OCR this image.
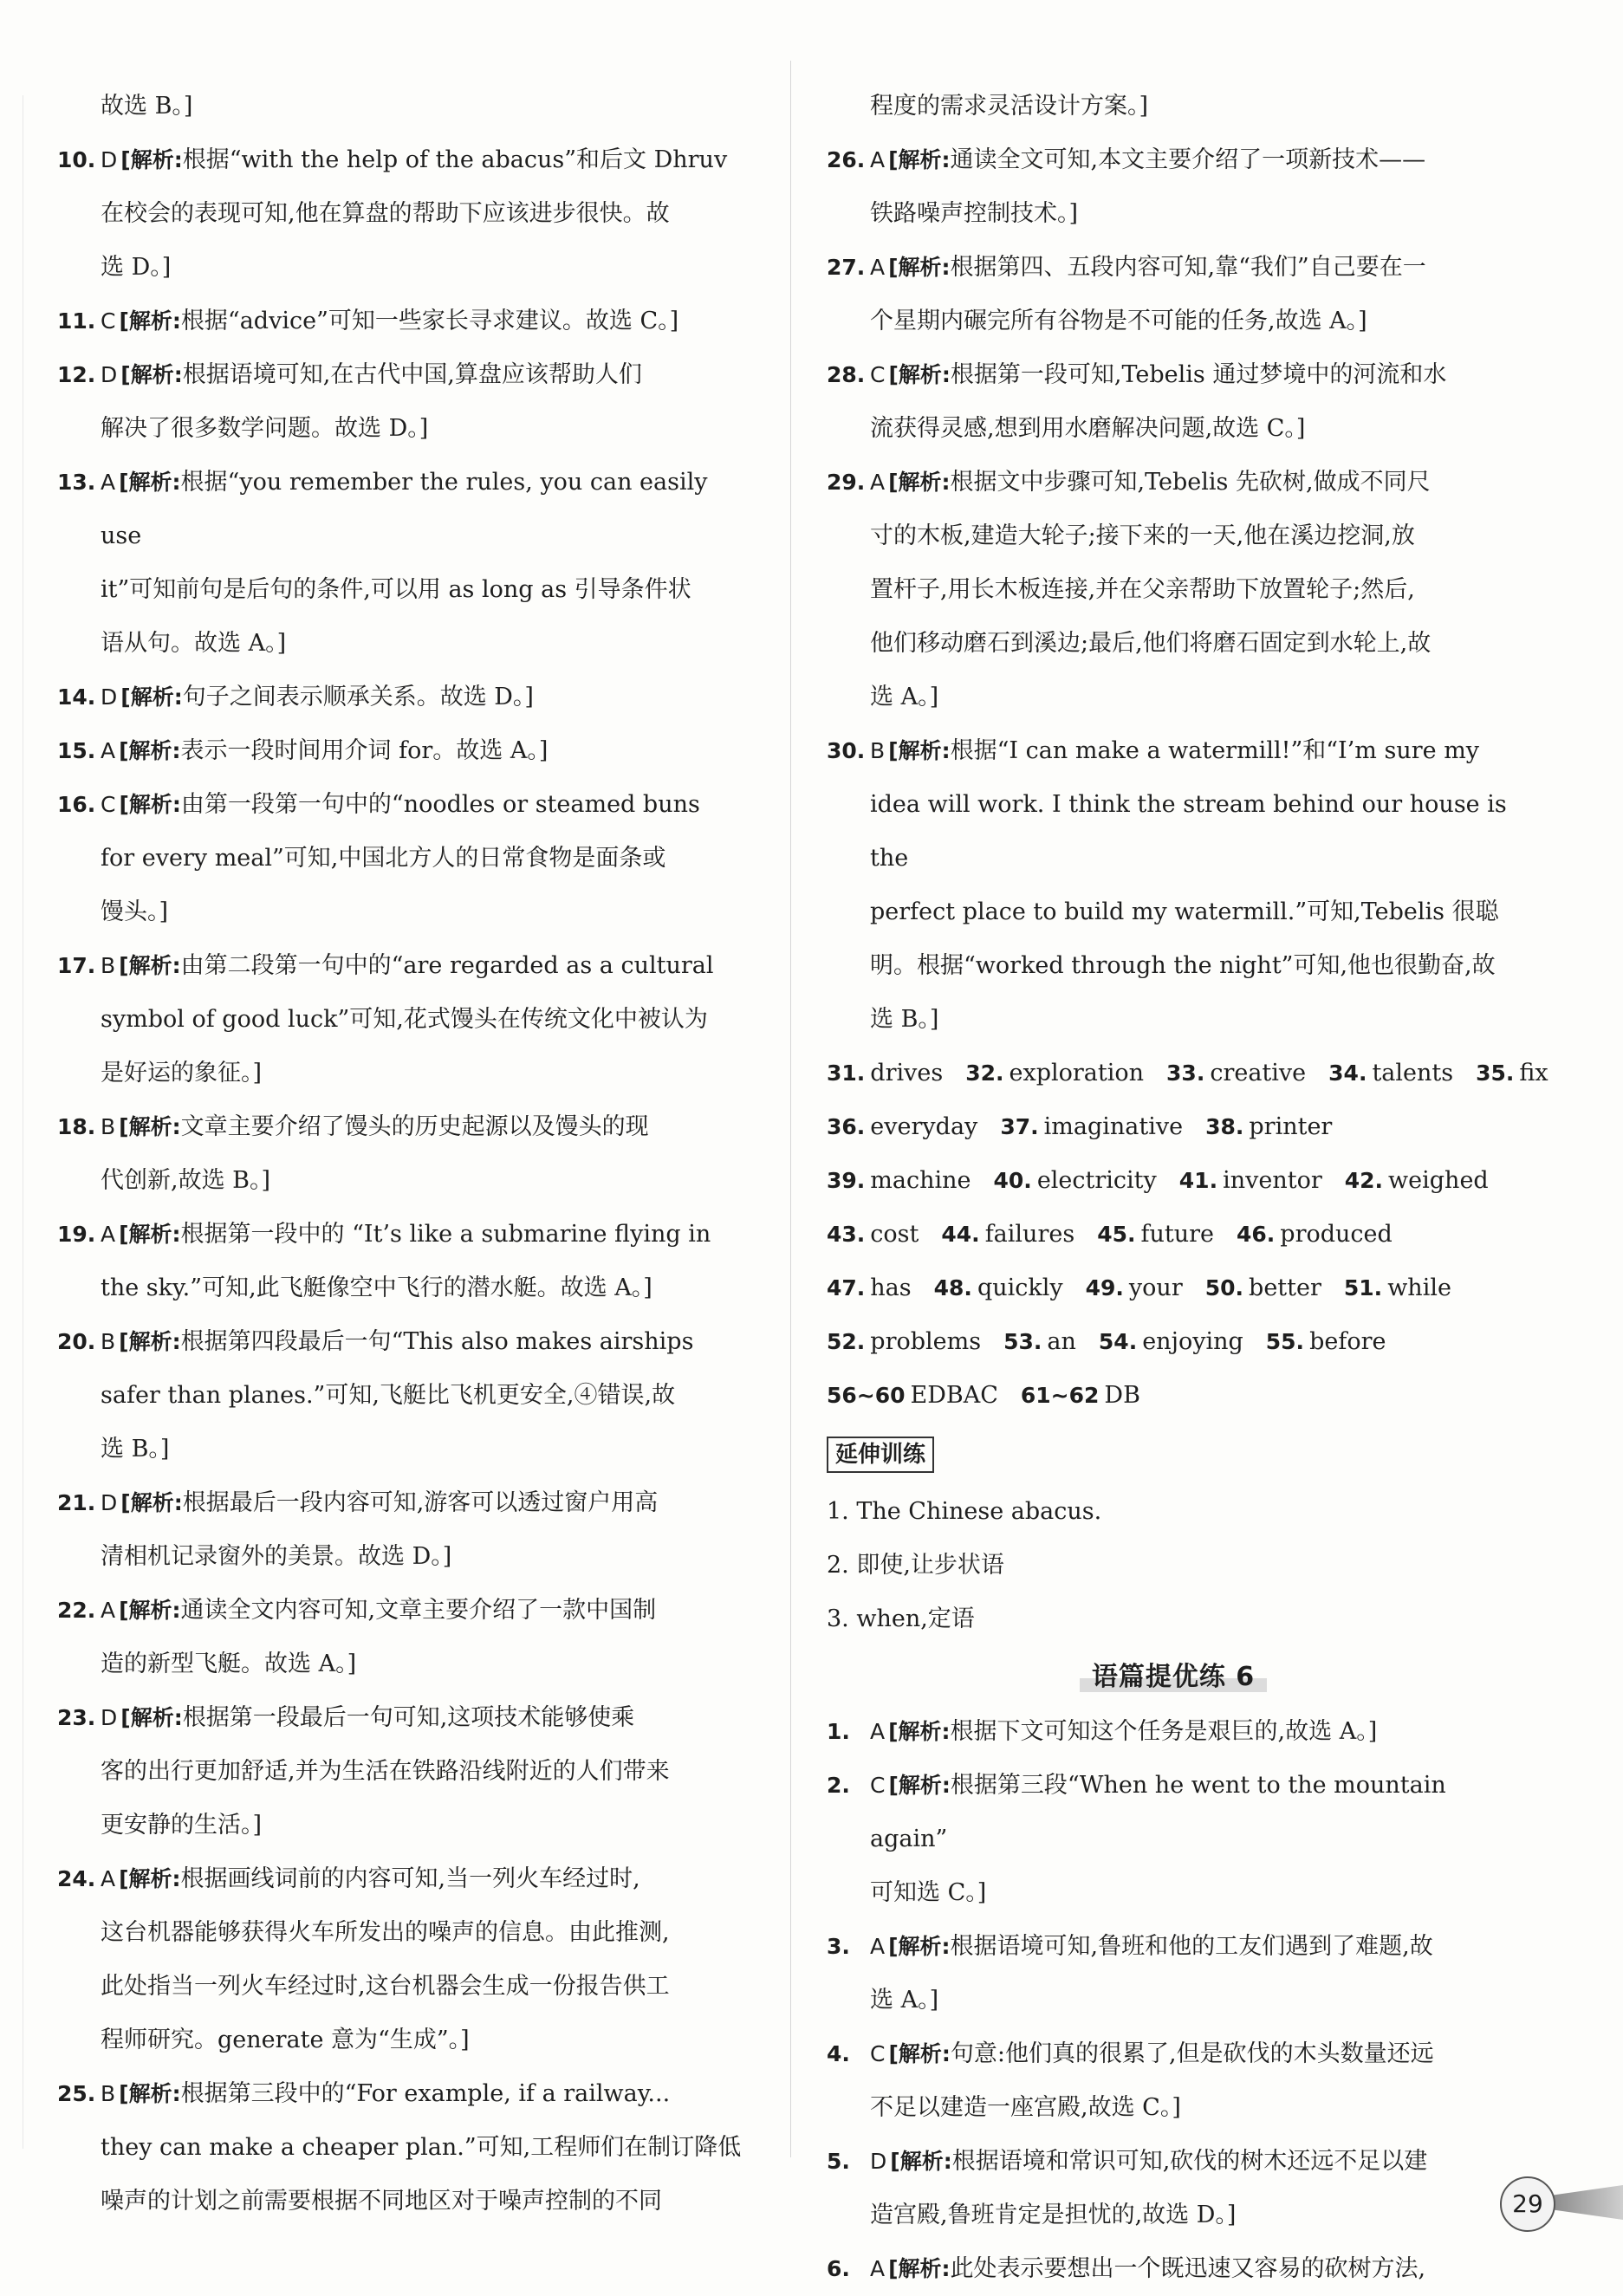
故选 B。]

10. D [解析:根据“with the help of the abacus”和后文 Dhruv
在校会的表现可知,他在算盘的帮助下应该进步很快。故
选 D。]

11. C [解析:根据“advice”可知一些家长寻求建议。故选 C。]

12. D [解析:根据语境可知,在古代中国,算盘应该帮助人们
解决了很多数学问题。故选 D。]

13. A [解析:根据“you remember the rules, you can easily use
it”可知前句是后句的条件,可以用 as long as 引导条件状
语从句。故选 A。]

14. D [解析:句子之间表示顺承关系。故选 D。]

15. A [解析:表示一段时间用介词 for。故选 A。]

16. C [解析:由第一段第一句中的“noodles or steamed buns
for every meal”可知,中国北方人的日常食物是面条或
馒头。]

17. B [解析:由第二段第一句中的“are regarded as a cultural
symbol of good luck”可知,花式馒头在传统文化中被认为
是好运的象征。]

18. B [解析:文章主要介绍了馒头的历史起源以及馒头的现
代创新,故选 B。]

19. A [解析:根据第一段中的 “It’s like a submarine flying in
the sky.”可知,此飞艇像空中飞行的潜水艇。故选 A。]

20. B [解析:根据第四段最后一句“This also makes airships
safer than planes.”可知,飞艇比飞机更安全,④错误,故
选 B。]

21. D [解析:根据最后一段内容可知,游客可以透过窗户用高
清相机记录窗外的美景。故选 D。]

22. A [解析:通读全文内容可知,文章主要介绍了一款中国制
造的新型飞艇。故选 A。]

23. D [解析:根据第一段最后一句可知,这项技术能够使乘
客的出行更加舒适,并为生活在铁路沿线附近的人们带来
更安静的生活。]

24. A [解析:根据画线词前的内容可知,当一列火车经过时,
这台机器能够获得火车所发出的噪声的信息。由此推测,
此处指当一列火车经过时,这台机器会生成一份报告供工
程师研究。generate 意为“生成”。]

25. B [解析:根据第三段中的“For example, if a railway...
they can make a cheaper plan.”可知,工程师们在制订降低
噪声的计划之前需要根据不同地区对于噪声控制的不同

程度的需求灵活设计方案。]

26. A [解析:通读全文可知,本文主要介绍了一项新技术——
铁路噪声控制技术。]

27. A [解析:根据第四、五段内容可知,靠“我们”自己要在一
个星期内碾完所有谷物是不可能的任务,故选 A。]

28. C [解析:根据第一段可知,Tebelis 通过梦境中的河流和水
流获得灵感,想到用水磨解决问题,故选 C。]

29. A [解析:根据文中步骤可知,Tebelis 先砍树,做成不同尺
寸的木板,建造大轮子;接下来的一天,他在溪边挖洞,放
置杆子,用长木板连接,并在父亲帮助下放置轮子;然后,
他们移动磨石到溪边;最后,他们将磨石固定到水轮上,故
选 A。]

30. B [解析:根据“I can make a watermill!”和“I’m sure my
idea will work. I think the stream behind our house is the
perfect place to build my watermill.”可知,Tebelis 很聪
明。根据“worked through the night”可知,他也很勤奋,故
选 B。]

31. drives 32. exploration 33. creative 34. talents 35. fix

36. everyday 37. imaginative 38. printer

39. machine 40. electricity 41. inventor 42. weighed

43. cost 44. failures 45. future 46. produced

47. has 48. quickly 49. your 50. better 51. while

52. problems 53. an 54. enjoying 55. before

56~60 EDBAC 61~62 DB

延伸训练

1. The Chinese abacus.

2. 即使,让步状语

3. when,定语

语篇提优练 6

1. A [解析:根据下文可知这个任务是艰巨的,故选 A。]

2. C [解析:根据第三段“When he went to the mountain again”
可知选 C。]

3. A [解析:根据语境可知,鲁班和他的工友们遇到了难题,故
选 A。]

4. C [解析:句意:他们真的很累了,但是砍伐的木头数量还远
不足以建造一座宫殿,故选 C。]

5. D [解析:根据语境和常识可知,砍伐的树木还远不足以建
造宫殿,鲁班肯定是担忧的,故选 D。]

6. A [解析:此处表示要想出一个既迅速又容易的砍树方法,

29
